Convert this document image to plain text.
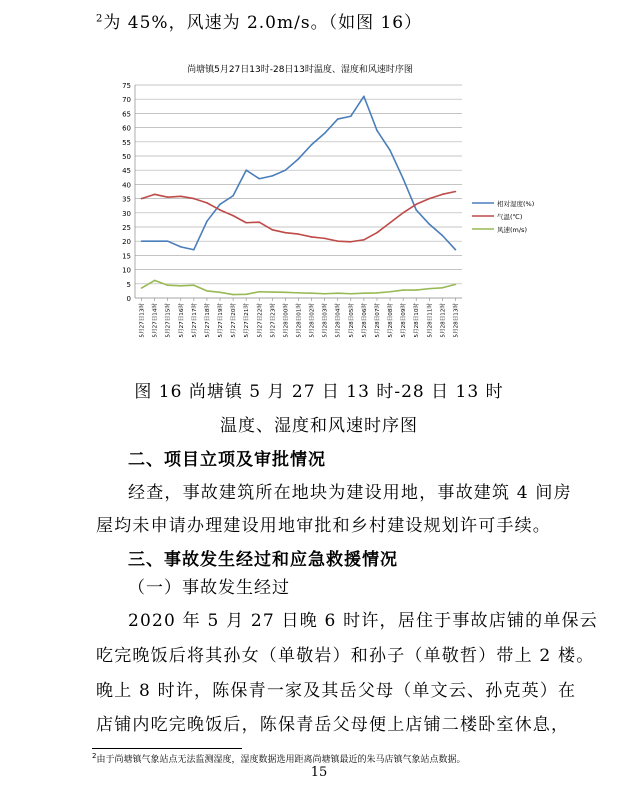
$^2$为 45%，风速为 2.0m/s。（如图 16）
尚塘镇5月27日13时-28日13时温度、湿度和风速时序图
0
5
10
15
20
25
30
35
40
45
50
55
60
65
70
75
5月27日13时	5月27日14时	5月27日15时	5月27日16时	5月27日17时	5月27日18时	5月27日19时	5月27日20时	5月27日21时	5月27日22时	5月27日23时	5月28日00时	5月28日01时	5月28日02时	5月28日03时	5月28日04时	5月28日05时	5月28日06时	5月28日07时	5月28日08时	5月28日09时	5月28日10时	5月28日11时	5月28日12时	5月28日13时
相对湿度(%)
气温(℃)
风速(m/s)
图 16 尚塘镇 5 月 27 日 13 时-28 日 13 时
温度、湿度和风速时序图
二、项目立项及审批情况
经查，事故建筑所在地块为建设用地，事故建筑 4 间房
屋均未申请办理建设用地审批和乡村建设规划许可手续。
三、事故发生经过和应急救援情况
（一）事故发生经过
2020 年 5 月 27 日晚 6 时许，居住于事故店铺的单保云
吃完晚饭后将其孙女（单敬岩）和孙子（单敬哲）带上 2 楼。
晚上 8 时许，陈保青一家及其岳父母（单文云、孙克英）在
店铺内吃完晚饭后，陈保青岳父母便上店铺二楼卧室休息，
$^2$由于尚塘镇气象站点无法监测湿度，湿度数据选用距离尚塘镇最近的朱马店镇气象站点数据。
15
